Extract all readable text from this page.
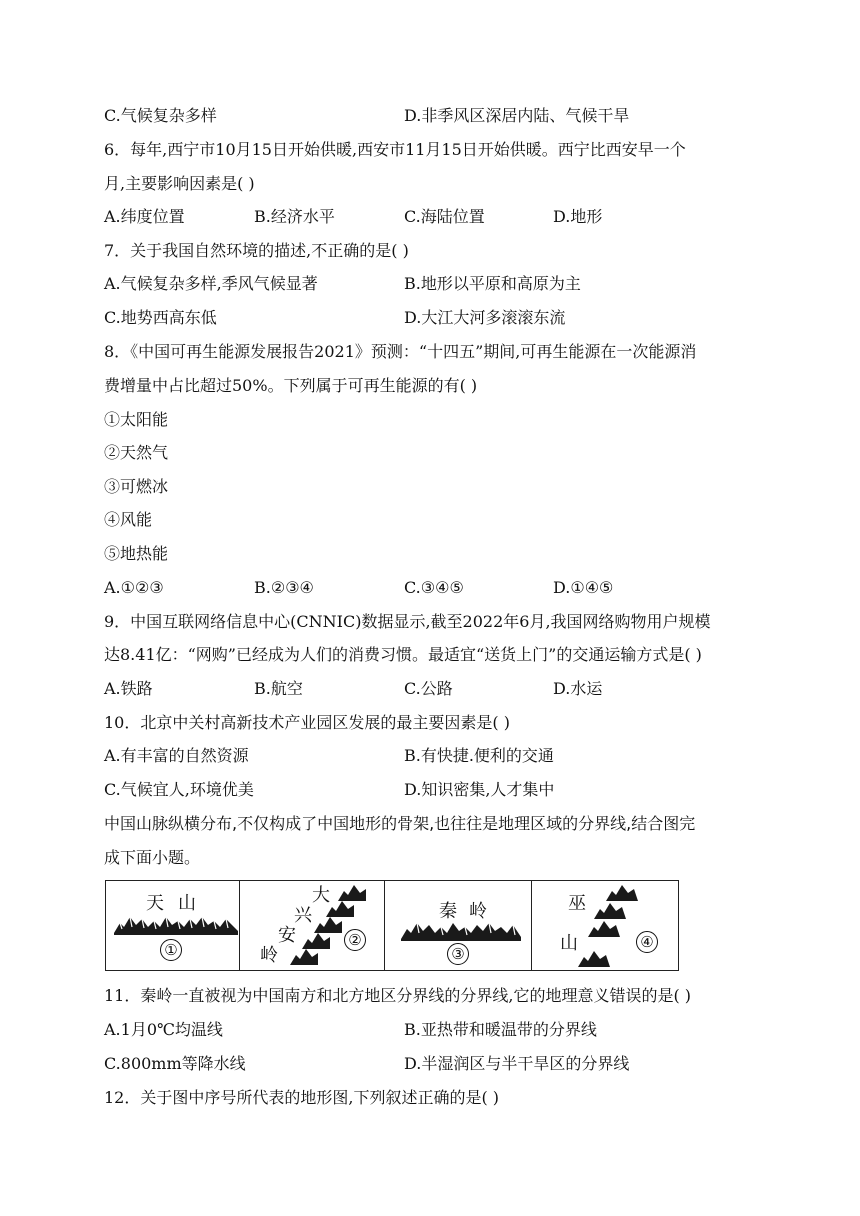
C.气候复杂多样	D.非季风区深居内陆、气候干旱
6．每年,西宁市10月15日开始供暖,西安市11月15日开始供暖。西宁比西安早一个
月,主要影响因素是( )
A.纬度位置	B.经济水平	C.海陆位置	D.地形
7．关于我国自然环境的描述,不正确的是( )
A.气候复杂多样,季风气候显著	B.地形以平原和高原为主
C.地势西高东低	D.大江大河多滚滚东流
8．《中国可再生能源发展报告2021》预测：“十四五”期间,可再生能源在一次能源消
费增量中占比超过50%。下列属于可再生能源的有( )
①太阳能
②天然气
③可燃冰
④风能
⑤地热能
A.①②③	B.②③④	C.③④⑤	D.①④⑤
9．中国互联网络信息中心(CNNIC)数据显示,截至2022年6月,我国网络购物用户规模
达8.41亿：“网购”已经成为人们的消费习惯。最适宜“送货上门”的交通运输方式是( )
A.铁路	B.航空	C.公路	D.水运
10．北京中关村高新技术产业园区发展的最主要因素是( )
A.有丰富的自然资源	B.有快捷.便利的交通
C.气候宜人,环境优美	D.知识密集,人才集中
中国山脉纵横分布,不仅构成了中国地形的骨架,也往往是地理区域的分界线,结合图完
成下面小题。
天 山
①
大
兴
安
岭
②
秦 岭
③
巫
山	④
11．秦岭一直被视为中国南方和北方地区分界线的分界线,它的地理意义错误的是( )
A.1月0℃均温线	B.亚热带和暖温带的分界线
C.800mm等降水线	D.半湿润区与半干旱区的分界线
12．关于图中序号所代表的地形图,下列叙述正确的是( )
